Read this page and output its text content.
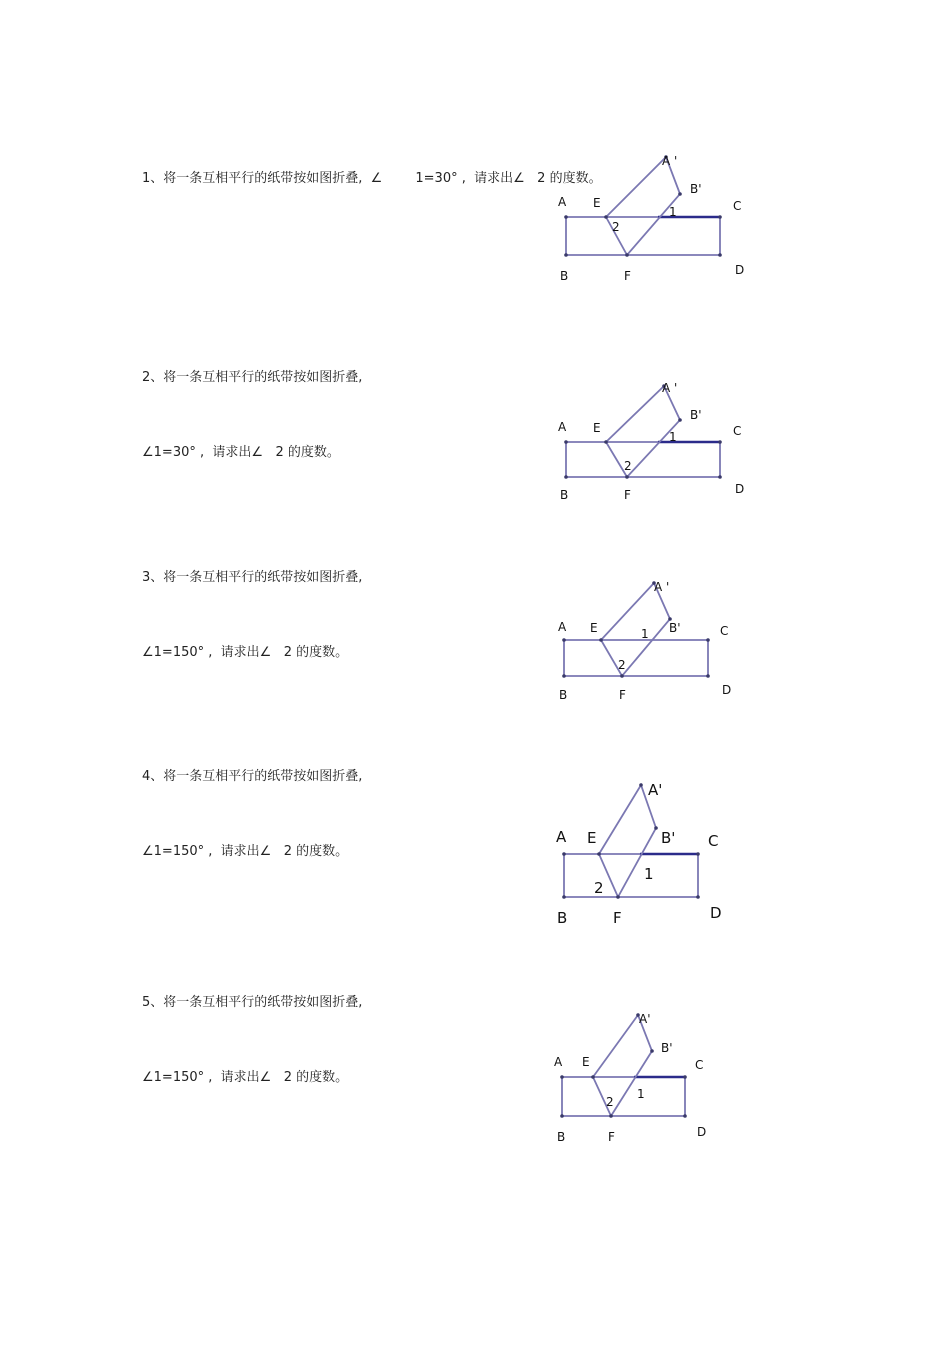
1、将一条互相平行的纸带按如图折叠,  ∠        1=30° ,  请求出∠   2 的度数。

A E
A '
B'
C
1
2
B	F	D

2、将一条互相平行的纸带按如图折叠,

∠1=30° ,  请求出∠   2 的度数。

A E
A '
B'
C
1
2
B	F	D

3、将一条互相平行的纸带按如图折叠,

∠1=150° ,  请求出∠   2 的度数。

A E
A '
B'	C
1
2
B	F	D

4、将一条互相平行的纸带按如图折叠,

∠1=150° ,  请求出∠   2 的度数。

A E
A'
B' C
1
2
B	F	D

5、将一条互相平行的纸带按如图折叠,

∠1=150° ,  请求出∠   2 的度数。

A E
A'
B'
C
1
2
B	F	D
